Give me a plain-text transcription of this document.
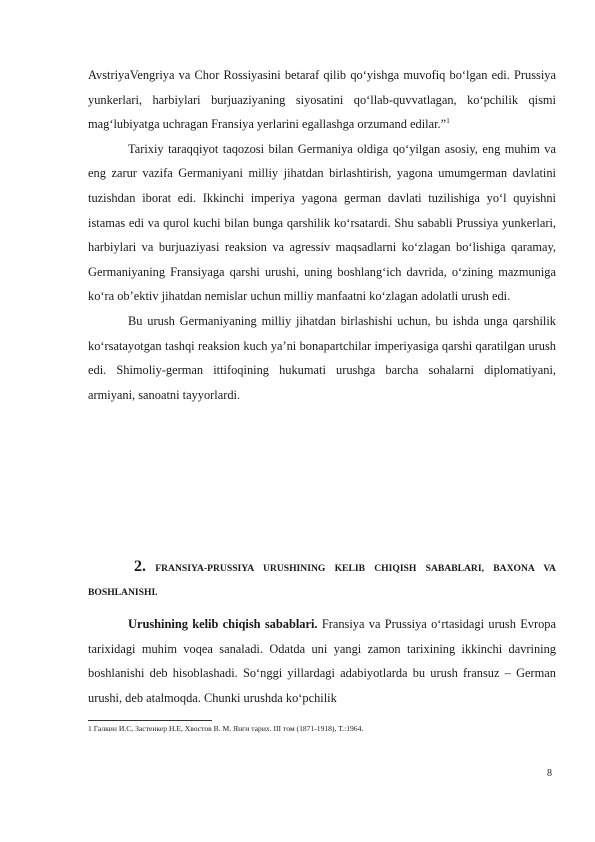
AvstriyaVengriya va Chor Rossiyasini betaraf qilib qo‘yishga muvofiq bo‘lgan edi. Prussiya yunkerlari, harbiylari burjuaziyaning siyosatini qo‘llab-quvvatlagan, ko‘pchilik qismi mag‘lubiyatga uchragan Fransiya yerlarini egallashga orzumand edilar.”$^1$

Tarixiy taraqqiyot taqozosi bilan Germaniya oldiga qo‘yilgan asosiy, eng muhim va eng zarur vazifa Germaniyani milliy jihatdan birlashtirish, yagona umumgerman davlatini tuzishdan iborat edi. Ikkinchi imperiya yagona german davlati tuzilishiga yo‘l quyishni istamas edi va qurol kuchi bilan bunga qarshilik ko‘rsatardi. Shu sababli Prussiya yunkerlari, harbiylari va burjuaziyasi reaksion va agressiv maqsadlarni ko‘zlagan bo‘lishiga qaramay, Germaniyaning Fransiyaga qarshi urushi, uning boshlang‘ich davrida, o‘zining mazmuniga ko‘ra ob’ektiv jihatdan nemislar uchun milliy manfaatni ko‘zlagan adolatli urush edi.

Bu urush Germaniyaning milliy jihatdan birlashishi uchun, bu ishda unga qarshilik ko‘rsatayotgan tashqi reaksion kuch ya’ni bonapartchilar imperiyasiga qarshi qaratilgan urush edi. Shimoliy-german ittifoqining hukumati urushga barcha sohalarni diplomatiyani, armiyani, sanoatni tayyorlardi.

2. FRANSIYA-PRUSSIYA URUSHINING KELIB CHIQISH SABABLARI, BAXONA VA BOSHLANISHI.

Urushining kelib chiqish sabablari. Fransiya va Prussiya o‘rtasidagi urush Evropa tarixidagi muhim voqea sanaladi. Odatda uni yangi zamon tarixining ikkinchi davrining boshlanishi deb hisoblashadi. So‘nggi yillardagi adabiyotlarda bu urush fransuz – German urushi, deb atalmoqda. Chunki urushda ko‘pchilik

1 Галкин И.С, Застенкер Н.Е, Хвостов В. М. Янги тарих. III том (1871-1918), Т.:1964.
8
